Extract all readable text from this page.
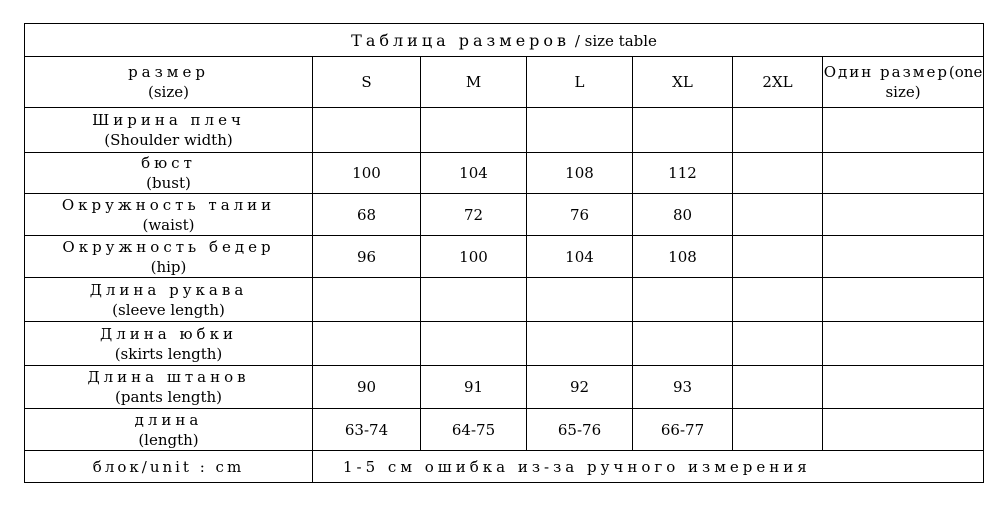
Таблица размеров / size table						

размер
(size)	S	M	L	XL	2XL	Один размер(one size)

Ширина плеч
(Shoulder width)						

бюст
(bust)	100	104	108	112		

Окружность талии
(waist)	68	72	76	80		

Окружность бедер
(hip)	96	100	104	108		

Длина рукава
(sleeve length)						

Длина юбки
(skirts length)						

Длина штанов
(pants length)	90	91	92	93		

длина
(length)	63-74	64-75	65-76	66-77		
блок/unit : cm	1-5 см ошибка из-за ручного измерения					
